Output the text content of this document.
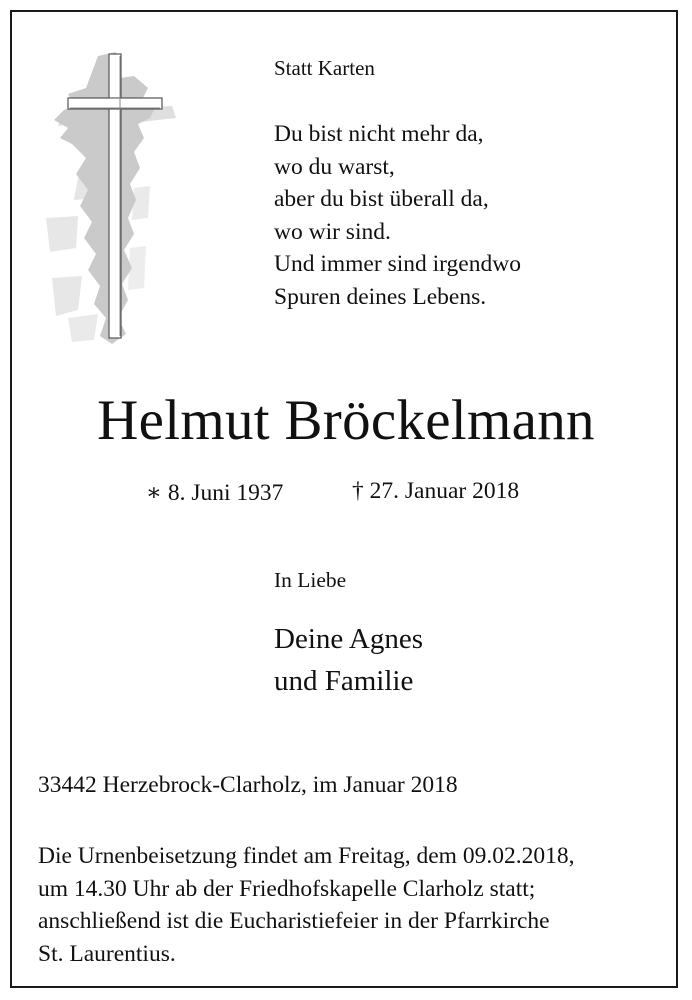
Statt Karten
Du bist nicht mehr da,
wo du warst,
aber du bist überall da,
wo wir sind.
Und immer sind irgendwo
Spuren deines Lebens.
Helmut Bröckelmann
∗ 8. Juni 1937	† 27. Januar 2018
In Liebe
Deine Agnes
und Familie
33442 Herzebrock-Clarholz, im Januar 2018
Die Urnenbeisetzung findet am Freitag, dem 09.02.2018,
um 14.30 Uhr ab der Friedhofskapelle Clarholz statt;
anschließend ist die Eucharistiefeier in der Pfarrkirche
St. Laurentius.
